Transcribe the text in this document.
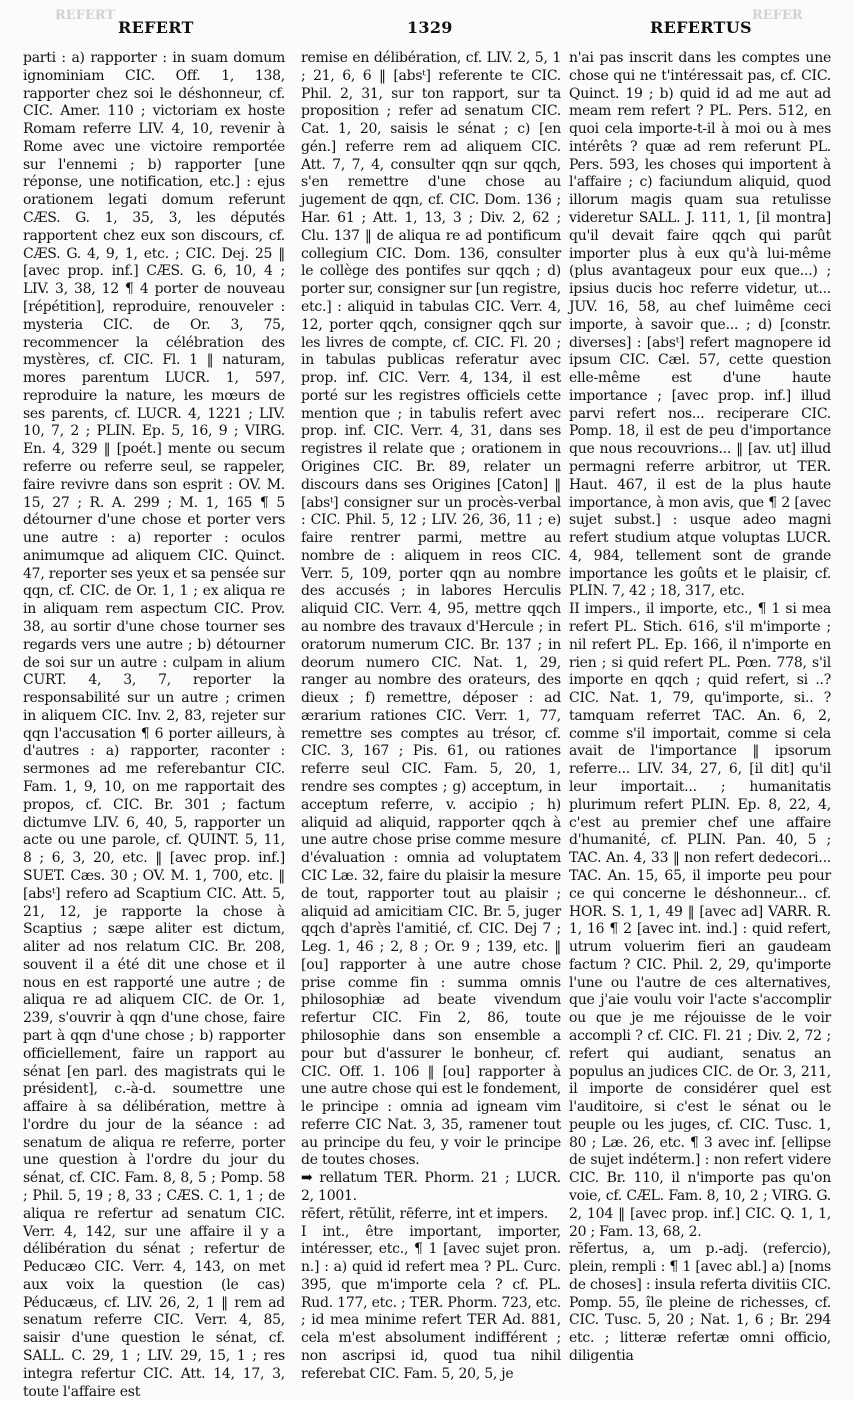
REFERT	REFER
REFERT	1329	REFERTUS

parti : a) rapporter : in suam domum ignominiam CIC. Off. 1, 138, rapporter chez soi le déshonneur, cf. CIC. Amer. 110 ; victoriam ex hoste Romam referre LIV. 4, 10, revenir à Rome avec une victoire remportée sur l'ennemi ; b) rapporter [une réponse, une notification, etc.] : ejus orationem legati domum referunt CÆS. G. 1, 35, 3, les députés rapportent chez eux son discours, cf. CÆS. G. 4, 9, 1, etc. ; CIC. Dej. 25 ‖ [avec prop. inf.] CÆS. G. 6, 10, 4 ; LIV. 3, 38, 12 ¶ 4 porter de nouveau [répétition], reproduire, renouveler : mysteria CIC. de Or. 3, 75, recommencer la célébration des mystères, cf. CIC. Fl. 1 ‖ naturam, mores parentum LUCR. 1, 597, reproduire la nature, les mœurs de ses parents, cf. LUCR. 4, 1221 ; LIV. 10, 7, 2 ; PLIN. Ep. 5, 16, 9 ; VIRG. En. 4, 329 ‖ [poét.] mente ou secum referre ou referre seul, se rappeler, faire revivre dans son esprit : OV. M. 15, 27 ; R. A. 299 ; M. 1, 165 ¶ 5 détourner d'une chose et porter vers une autre : a) reporter : oculos animumque ad aliquem CIC. Quinct. 47, reporter ses yeux et sa pensée sur qqn, cf. CIC. de Or. 1, 1 ; ex aliqua re in aliquam rem aspectum CIC. Prov. 38, au sortir d'une chose tourner ses regards vers une autre ; b) détourner de soi sur un autre : culpam in alium CURT. 4, 3, 7, reporter la responsabilité sur un autre ; crimen in aliquem CIC. Inv. 2, 83, rejeter sur qqn l'accusation ¶ 6 porter ailleurs, à d'autres : a) rapporter, raconter : sermones ad me referebantur CIC. Fam. 1, 9, 10, on me rapportait des propos, cf. CIC. Br. 301 ; factum dictumve LIV. 6, 40, 5, rapporter un acte ou une parole, cf. QUINT. 5, 11, 8 ; 6, 3, 20, etc. ‖ [avec prop. inf.] SUET. Cæs. 30 ; OV. M. 1, 700, etc. ‖ [absᵗ] refero ad Scaptium CIC. Att. 5, 21, 12, je rapporte la chose à Scaptius ; sæpe aliter est dictum, aliter ad nos relatum CIC. Br. 208, souvent il a été dit une chose et il nous en est rapporté une autre ; de aliqua re ad aliquem CIC. de Or. 1, 239, s'ouvrir à qqn d'une chose, faire part à qqn d'une chose ; b) rapporter officiellement, faire un rapport au sénat [en parl. des magistrats qui le président], c.-à-d. soumettre une affaire à sa délibération, mettre à l'ordre du jour de la séance : ad senatum de aliqua re referre, porter une question à l'ordre du jour du sénat, cf. CIC. Fam. 8, 8, 5 ; Pomp. 58 ; Phil. 5, 19 ; 8, 33 ; CÆS. C. 1, 1 ; de aliqua re refertur ad senatum CIC. Verr. 4, 142, sur une affaire il y a délibération du sénat ; refertur de Peducæo CIC. Verr. 4, 143, on met aux voix la question (le cas) Péducæus, cf. LIV. 26, 2, 1 ‖ rem ad senatum referre CIC. Verr. 4, 85, saisir d'une question le sénat, cf. SALL. C. 29, 1 ; LIV. 29, 15, 1 ; res integra refertur CIC. Att. 14, 17, 3, toute l'affaire est

remise en délibération, cf. LIV. 2, 5, 1 ; 21, 6, 6 ‖ [absᵗ] referente te CIC. Phil. 2, 31, sur ton rapport, sur ta proposition ; refer ad senatum CIC. Cat. 1, 20, saisis le sénat ; c) [en gén.] referre rem ad aliquem CIC. Att. 7, 7, 4, consulter qqn sur qqch, s'en remettre d'une chose au jugement de qqn, cf. CIC. Dom. 136 ; Har. 61 ; Att. 1, 13, 3 ; Div. 2, 62 ; Clu. 137 ‖ de aliqua re ad pontificum collegium CIC. Dom. 136, consulter le collège des pontifes sur qqch ; d) porter sur, consigner sur [un registre, etc.] : aliquid in tabulas CIC. Verr. 4, 12, porter qqch, consigner qqch sur les livres de compte, cf. CIC. Fl. 20 ; in tabulas publicas referatur avec prop. inf. CIC. Verr. 4, 134, il est porté sur les registres officiels cette mention que ; in tabulis refert avec prop. inf. CIC. Verr. 4, 31, dans ses registres il relate que ; orationem in Origines CIC. Br. 89, relater un discours dans ses Origines [Caton] ‖ [absᵗ] consigner sur un procès-verbal : CIC. Phil. 5, 12 ; LIV. 26, 36, 11 ; e) faire rentrer parmi, mettre au nombre de : aliquem in reos CIC. Verr. 5, 109, porter qqn au nombre des accusés ; in labores Herculis aliquid CIC. Verr. 4, 95, mettre qqch au nombre des travaux d'Hercule ; in oratorum numerum CIC. Br. 137 ; in deorum numero CIC. Nat. 1, 29, ranger au nombre des orateurs, des dieux ; f) remettre, déposer : ad ærarium rationes CIC. Verr. 1, 77, remettre ses comptes au trésor, cf. CIC. 3, 167 ; Pis. 61, ou rationes referre seul CIC. Fam. 5, 20, 1, rendre ses comptes ; g) acceptum, in acceptum referre, v. accipio ; h) aliquid ad aliquid, rapporter qqch à une autre chose prise comme mesure d'évaluation : omnia ad voluptatem CIC Læ. 32, faire du plaisir la mesure de tout, rapporter tout au plaisir ; aliquid ad amicitiam CIC. Br. 5, juger qqch d'après l'amitié, cf. CIC. Dej 7 ; Leg. 1, 46 ; 2, 8 ; Or. 9 ; 139, etc. ‖ [ou] rapporter à une autre chose prise comme fin : summa omnis philosophiæ ad beate vivendum refertur CIC. Fin 2, 86, toute philosophie dans son ensemble a pour but d'assurer le bonheur, cf. CIC. Off. 1. 106 ‖ [ou] rapporter à une autre chose qui est le fondement, le principe : omnia ad igneam vim referre CIC Nat. 3, 35, ramener tout au principe du feu, y voir le principe de toutes choses.
➡ rellatum TER. Phorm. 21 ; LUCR. 2, 1001.
rēfert, rētŭlit, rēferre, int et impers.
I int., être important, importer, intéresser, etc., ¶ 1 [avec sujet pron. n.] : a) quid id refert mea ? PL. Curc. 395, que m'importe cela ? cf. PL. Rud. 177, etc. ; TER. Phorm. 723, etc. ; id mea minime refert TER Ad. 881, cela m'est absolument indifférent ; non ascripsi id, quod tua nihil referebat CIC. Fam. 5, 20, 5, je

n'ai pas inscrit dans les comptes une chose qui ne t'intéressait pas, cf. CIC. Quinct. 19 ; b) quid id ad me aut ad meam rem refert ? PL. Pers. 512, en quoi cela importe-t-il à moi ou à mes intérêts ? quæ ad rem referunt PL. Pers. 593, les choses qui importent à l'affaire ; c) faciundum aliquid, quod illorum magis quam sua retulisse videretur SALL. J. 111, 1, [il montra] qu'il devait faire qqch qui parût importer plus à eux qu'à lui-même (plus avantageux pour eux que...) ; ipsius ducis hoc referre videtur, ut... JUV. 16, 58, au chef luimême ceci importe, à savoir que... ; d) [constr. diverses] : [absᵗ] refert magnopere id ipsum CIC. Cæl. 57, cette question elle-même est d'une haute importance ; [avec prop. inf.] illud parvi refert nos... reciperare CIC. Pomp. 18, il est de peu d'importance que nous recouvrions... ‖ [av. ut] illud permagni referre arbitror, ut TER. Haut. 467, il est de la plus haute importance, à mon avis, que ¶ 2 [avec sujet subst.] : usque adeo magni refert studium atque voluptas LUCR. 4, 984, tellement sont de grande importance les goûts et le plaisir, cf. PLIN. 7, 42 ; 18, 317, etc.
II impers., il importe, etc., ¶ 1 si mea refert PL. Stich. 616, s'il m'importe ; nil refert PL. Ep. 166, il n'importe en rien ; si quid refert PL. Pœn. 778, s'il importe en qqch ; quid refert, si ..? CIC. Nat. 1, 79, qu'importe, si.. ? tamquam referret TAC. An. 6, 2, comme s'il importait, comme si cela avait de l'importance ‖ ipsorum referre... LIV. 34, 27, 6, [il dit] qu'il leur importait... ; humanitatis plurimum refert PLIN. Ep. 8, 22, 4, c'est au premier chef une affaire d'humanité, cf. PLIN. Pan. 40, 5 ; TAC. An. 4, 33 ‖ non refert dedecori... TAC. An. 15, 65, il importe peu pour ce qui concerne le déshonneur... cf. HOR. S. 1, 1, 49 ‖ [avec ad] VARR. R. 1, 16 ¶ 2 [avec int. ind.] : quid refert, utrum voluerim fieri an gaudeam factum ? CIC. Phil. 2, 29, qu'importe l'une ou l'autre de ces alternatives, que j'aie voulu voir l'acte s'accomplir ou que je me réjouisse de le voir accompli ? cf. CIC. Fl. 21 ; Div. 2, 72 ; refert qui audiant, senatus an populus an judices CIC. de Or. 3, 211, il importe de considérer quel est l'auditoire, si c'est le sénat ou le peuple ou les juges, cf. CIC. Tusc. 1, 80 ; Læ. 26, etc. ¶ 3 avec inf. [ellipse de sujet indéterm.] : non refert videre CIC. Br. 110, il n'importe pas qu'on voie, cf. CÆL. Fam. 8, 10, 2 ; VIRG. G. 2, 104 ‖ [avec prop. inf.] CIC. Q. 1, 1, 20 ; Fam. 13, 68, 2.
rĕfertus, a, um p.-adj. (refercio), plein, rempli : ¶ 1 [avec abl.] a) [noms de choses] : insula referta divitiis CIC. Pomp. 55, île pleine de richesses, cf. CIC. Tusc. 5, 20 ; Nat. 1, 6 ; Br. 294 etc. ; litteræ refertæ omni officio, diligentia
